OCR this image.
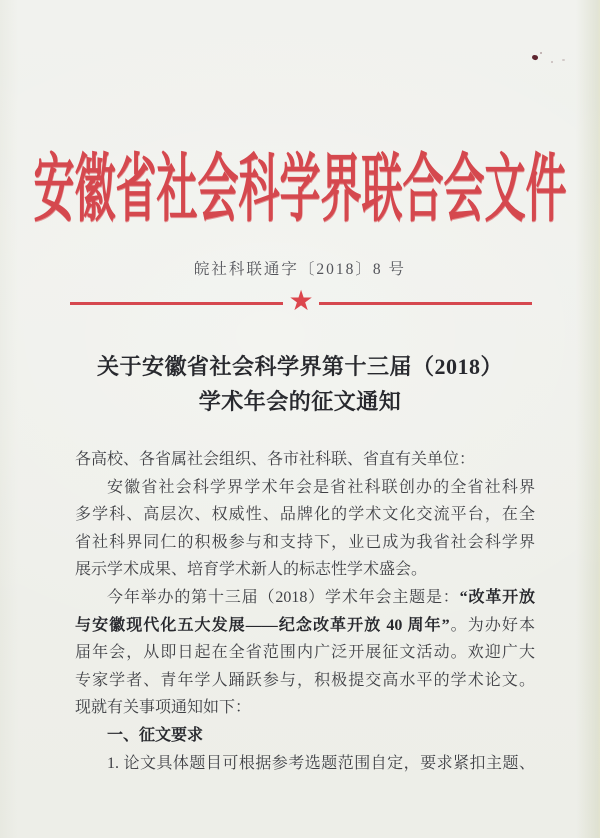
安徽省社会科学界联合会文件
皖社科联通字〔2018〕8 号
★
关于安徽省社会科学界第十三届（2018）
学术年会的征文通知
各高校、各省属社会组织、各市社科联、省直有关单位：
安徽省社会科学界学术年会是省社科联创办的全省社科界
多学科、高层次、权威性、品牌化的学术文化交流平台，在全
省社科界同仁的积极参与和支持下，业已成为我省社会科学界
展示学术成果、培育学术新人的标志性学术盛会。
今年举办的第十三届（2018）学术年会主题是：“改革开放
与安徽现代化五大发展——纪念改革开放 40 周年”。为办好本
届年会，从即日起在全省范围内广泛开展征文活动。欢迎广大
专家学者、青年学人踊跃参与，积极提交高水平的学术论文。
现就有关事项通知如下：
一、征文要求
1. 论文具体题目可根据参考选题范围自定，要求紧扣主题、
